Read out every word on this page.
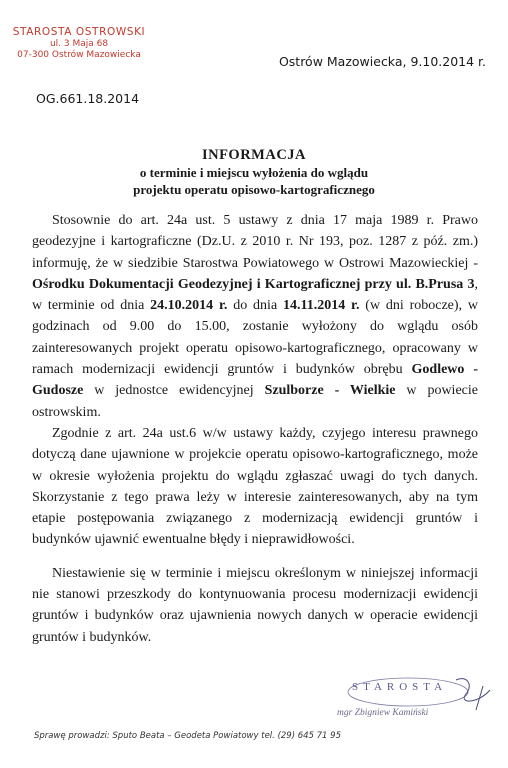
STAROSTA OSTROWSKI
ul. 3 Maja 68
07-300 Ostrów Mazowiecka	Ostrów Mazowiecka, 9.10.2014 r.
OG.661.18.2014
INFORMACJA
o terminie i miejscu wyłożenia do wglądu
projektu operatu opisowo-kartograficznego

Stosownie do art. 24a ust. 5 ustawy z dnia 17 maja 1989 r. Prawo geodezyjne i kartograficzne (Dz.U. z 2010 r. Nr 193, poz. 1287 z póź. zm.) informuję, że w siedzibie Starostwa Powiatowego w Ostrowi Mazowieckiej - Ośrodku Dokumentacji Geodezyjnej i Kartograficznej przy ul. B.Prusa 3, w terminie od dnia 24.10.2014 r. do dnia 14.11.2014 r. (w dni robocze), w godzinach od 9.00 do 15.00, zostanie wyłożony do wglądu osób zainteresowanych projekt operatu opisowo-kartograficznego, opracowany w ramach modernizacji ewidencji gruntów i budynków obrębu Godlewo - Gudosze w jednostce ewidencyjnej Szulborze - Wielkie w powiecie ostrowskim.

Zgodnie z art. 24a ust.6 w/w ustawy każdy, czyjego interesu prawnego dotyczą dane ujawnione w projekcie operatu opisowo-kartograficznego, może w okresie wyłożenia projektu do wglądu zgłaszać uwagi do tych danych. Skorzystanie z tego prawa leży w interesie zainteresowanych, aby na tym etapie postępowania związanego z modernizacją ewidencji gruntów i budynków ujawnić ewentualne błędy i nieprawidłowości.

Niestawienie się w terminie i miejscu określonym w niniejszej informacji nie stanowi przeszkody do kontynuowania procesu modernizacji ewidencji gruntów i budynków oraz ujawnienia nowych danych w operacie ewidencji gruntów i budynków.

STAROSTA
mgr Zbigniew Kamiński
Sprawę prowadzi: Sputo Beata – Geodeta Powiatowy tel. (29) 645 71 95
